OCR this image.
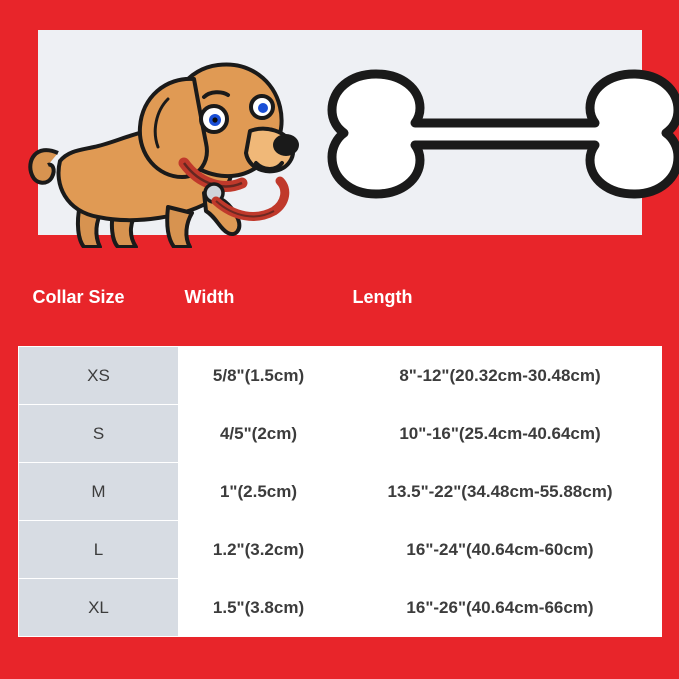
Collar Size	Width	Length
XS	5/8"(1.5cm)	8"-12"(20.32cm-30.48cm)
S	4/5"(2cm)	10"-16"(25.4cm-40.64cm)
M	1"(2.5cm)	13.5"-22"(34.48cm-55.88cm)
L	1.2"(3.2cm)	16"-24"(40.64cm-60cm)
XL	1.5"(3.8cm)	16"-26"(40.64cm-66cm)
